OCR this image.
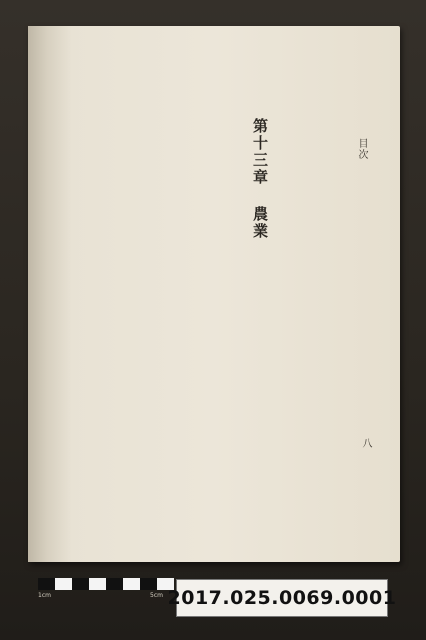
目次
第十三章 農業
八
1cm	5cm 2017.025.0069.0001
